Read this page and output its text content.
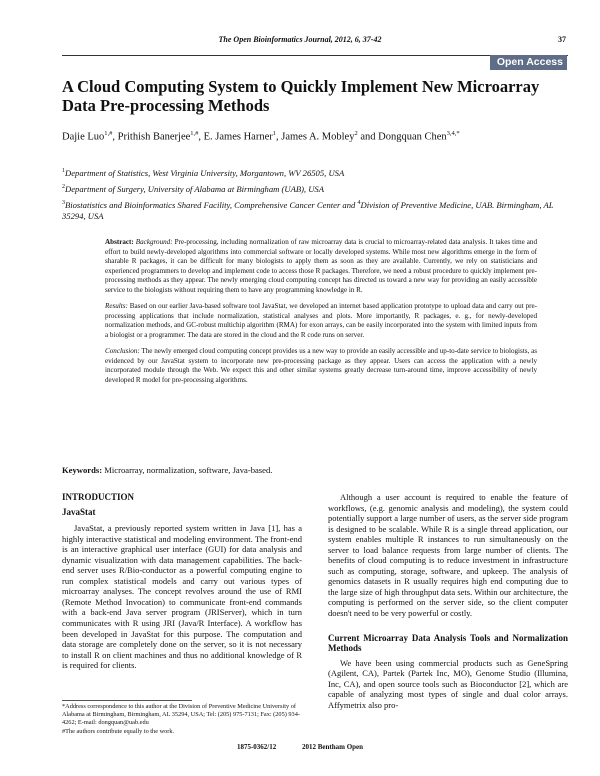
The Open Bioinformatics Journal, 2012, 6, 37-42	37
Open Access
A Cloud Computing System to Quickly Implement New Microarray Data Pre-processing Methods
Dajie Luo$^{1,\#}$, Prithish Banerjee$^{1,\#}$, E. James Harner$^1$, James A. Mobley$^2$ and Dongquan Chen$^{3,4,*}$
$^1$Department of Statistics, West Virginia University, Morgantown, WV 26505, USA
$^2$Department of Surgery, University of Alabama at Birmingham (UAB), USA
$^3$Biostatistics and Bioinformatics Shared Facility, Comprehensive Cancer Center and $^4$Division of Preventive Medicine, UAB. Birmingham, AL 35294, USA

Abstract: Background: Pre-processing, including normalization of raw microarray data is crucial to microarray-related data analysis. It takes time and effort to build newly-developed algorithms into commercial software or locally developed systems. While most new algorithms emerge in the form of sharable R packages, it can be difficult for many biologists to apply them as soon as they are available. Currently, we rely on statisticians and experienced programmers to develop and implement code to access those R packages. Therefore, we need a robust procedure to quickly implement pre-processing methods as they appear. The newly emerging cloud computing concept has directed us toward a new way for providing an easily accessible service to the biologists without requiring them to have any programming knowledge in R.

Results: Based on our earlier Java-based software tool JavaStat, we developed an internet based application prototype to upload data and carry out pre-processing applications that include normalization, statistical analyses and plots. More importantly, R packages, e. g., for newly-developed normalization methods, and GC-robust multichip algorithm (RMA) for exon arrays, can be easily incorporated into the system with limited inputs from a biologist or a programmer. The data are stored in the cloud and the R code runs on server.

Conclusion: The newly emerged cloud computing concept provides us a new way to provide an easily accessible and up-to-date service to biologists, as evidenced by our JavaStat system to incorporate new pre-processing package as they appear. Users can access the application with a newly incorporated module through the Web. We expect this and other similar systems greatly decrease turn-around time, improve accessibility of newly developed R model for pre-processing algorithms.

Keywords: Microarray, normalization, software, Java-based.
INTRODUCTION
JavaStat

JavaStat, a previously reported system written in Java [1], has a highly interactive statistical and modeling environment. The front-end is an interactive graphical user interface (GUI) for data analysis and dynamic visualization with data management capabilities. The back-end server uses R/Bio-conductor as a powerful computing engine to run complex statistical models and carry out various types of microarray analyses. The concept revolves around the use of RMI (Remote Method Invocation) to communicate front-end commands with a back-end Java server program (JRIServer), which in turn communicates with R using JRI (Java/R Interface). A workflow has been developed in JavaStat for this purpose. The computation and data storage are completely done on the server, so it is not necessary to install R on client machines and thus no additional knowledge of R is required for clients.

Although a user account is required to enable the feature of workflows, (e.g. genomic analysis and modeling), the system could potentially support a large number of users, as the server side program is designed to be scalable. While R is a single thread application, our system enables multiple R instances to run simultaneously on the server to load balance requests from large number of clients. The benefits of cloud computing is to reduce investment in infrastructure such as computing, storage, software, and upkeep. The analysis of genomics datasets in R usually requires high end computing due to the large size of high throughput data sets. Within our architecture, the computing is performed on the server side, so the client computer doesn't need to be very powerful or costly.

Current Microarray Data Analysis Tools and Normalization Methods

We have been using commercial products such as GeneSpring (Agilent, CA), Partek (Partek Inc, MO), Genome Studio (Illumina, Inc, CA), and open source tools such as Bioconductor [2], which are capable of analyzing most types of single and dual color arrays. Affymetrix also pro-

*Address correspondence to this author at the Division of Preventive Medicine University of Alabama at Birmingham, Birmingham, AL 35294, USA; Tel: (205) 975-7131; Fax: (205) 934-4262; E-mail: dongquan@uab.edu

#The authors contribute equally to the work.

1875-0362/12	2012 Bentham Open
